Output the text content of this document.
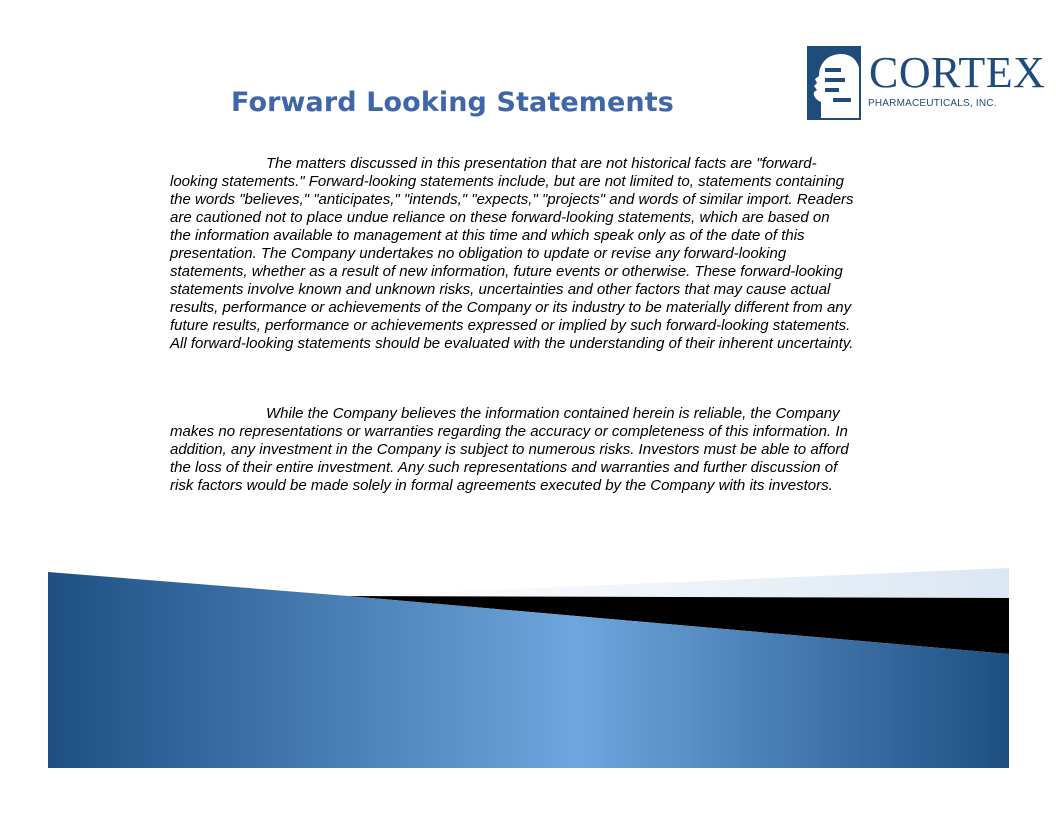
Forward Looking Statements
CORTEX
PHARMACEUTICALS, INC.

The matters discussed in this presentation that are not historical facts are "forward-looking statements." Forward-looking statements include, but are not limited to, statements containing the words "believes," "anticipates," "intends," "expects," "projects" and words of similar import. Readers are cautioned not to place undue reliance on these forward-looking statements, which are based on the information available to management at this time and which speak only as of the date of this presentation. The Company undertakes no obligation to update or revise any forward-looking statements, whether as a result of new information, future events or otherwise. These forward-looking statements involve known and unknown risks, uncertainties and other factors that may cause actual results, performance or achievements of the Company or its industry to be materially different from any future results, performance or achievements expressed or implied by such forward-looking statements. All forward-looking statements should be evaluated with the understanding of their inherent uncertainty.

While the Company believes the information contained herein is reliable, the Company makes no representations or warranties regarding the accuracy or completeness of this information. In addition, any investment in the Company is subject to numerous risks. Investors must be able to afford the loss of their entire investment. Any such representations and warranties and further discussion of risk factors would be made solely in formal agreements executed by the Company with its investors.
